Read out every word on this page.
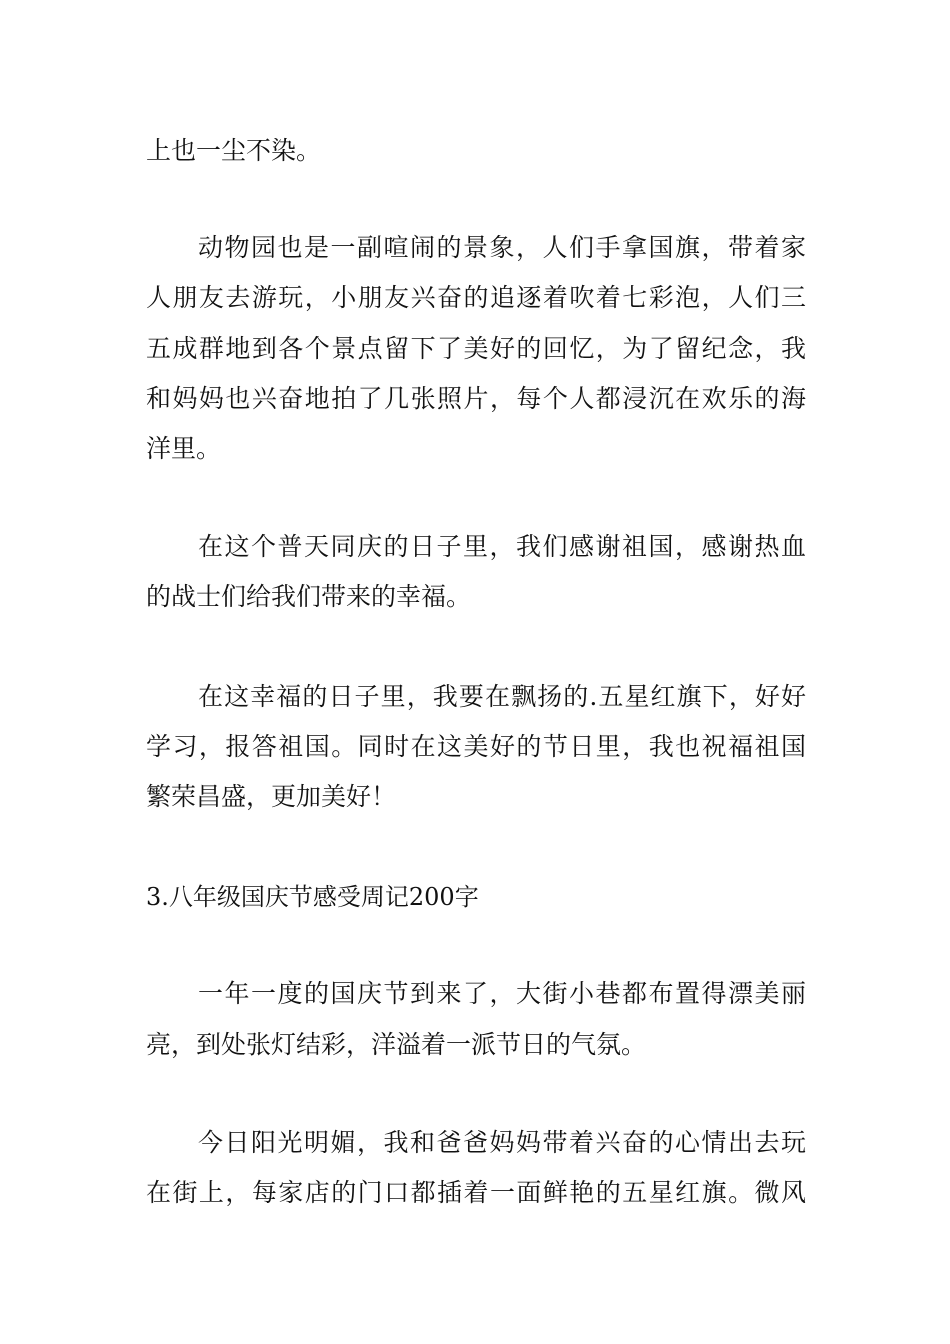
上也一尘不染。
动物园也是一副喧闹的景象，人们手拿国旗，带着家
人朋友去游玩，小朋友兴奋的追逐着吹着七彩泡，人们三
五成群地到各个景点留下了美好的回忆，为了留纪念，我
和妈妈也兴奋地拍了几张照片，每个人都浸沉在欢乐的海
洋里。
在这个普天同庆的日子里，我们感谢祖国，感谢热血
的战士们给我们带来的幸福。
在这幸福的日子里，我要在飘扬的.五星红旗下，好好
学习，报答祖国。同时在这美好的节日里，我也祝福祖国
繁荣昌盛，更加美好！
3.八年级国庆节感受周记200字
一年一度的国庆节到来了，大街小巷都布置得漂美丽
亮，到处张灯结彩，洋溢着一派节日的气氛。
今日阳光明媚，我和爸爸妈妈带着兴奋的心情出去玩
在街上，每家店的门口都插着一面鲜艳的五星红旗。微风
